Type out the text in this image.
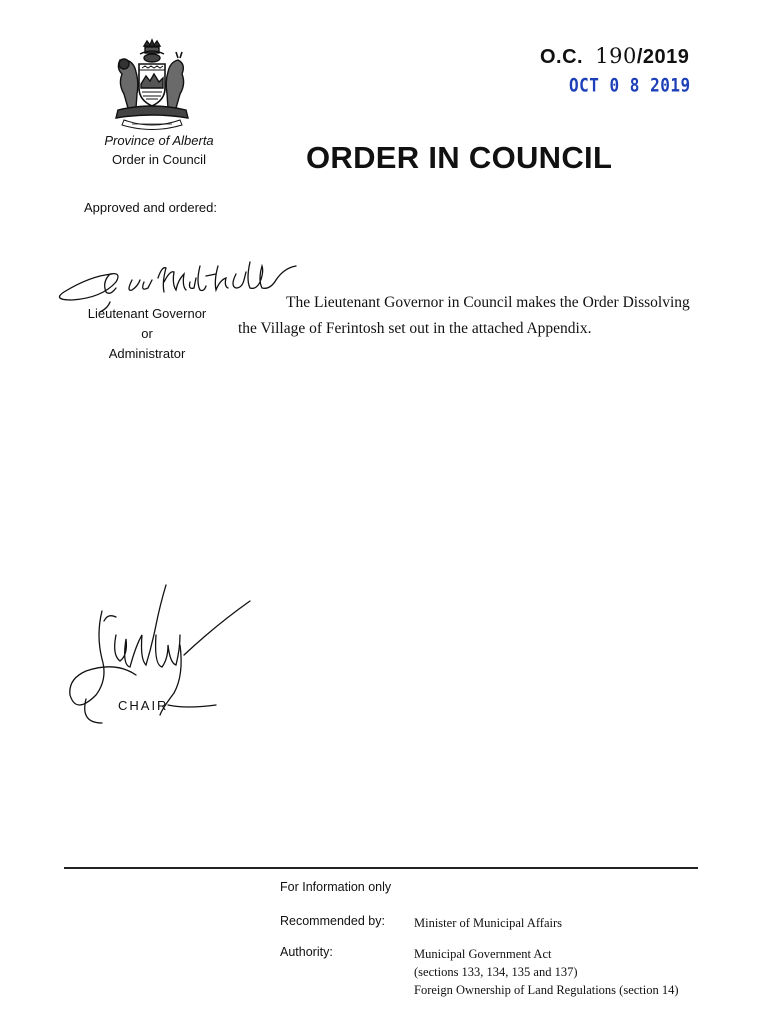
Province of Alberta
Order in Council
O.C. 190/2019
OCT 0 8 2019
ORDER IN COUNCIL
Approved and ordered:
Lieutenant Governor
or
Administrator
The Lieutenant Governor in Council makes the Order Dissolving the Village of Ferintosh set out in the attached Appendix.
CHAIR
For Information only
Recommended by: Minister of Municipal Affairs
Authority:	Municipal Government Act
(sections 133, 134, 135 and 137)
Foreign Ownership of Land Regulations (section 14)
